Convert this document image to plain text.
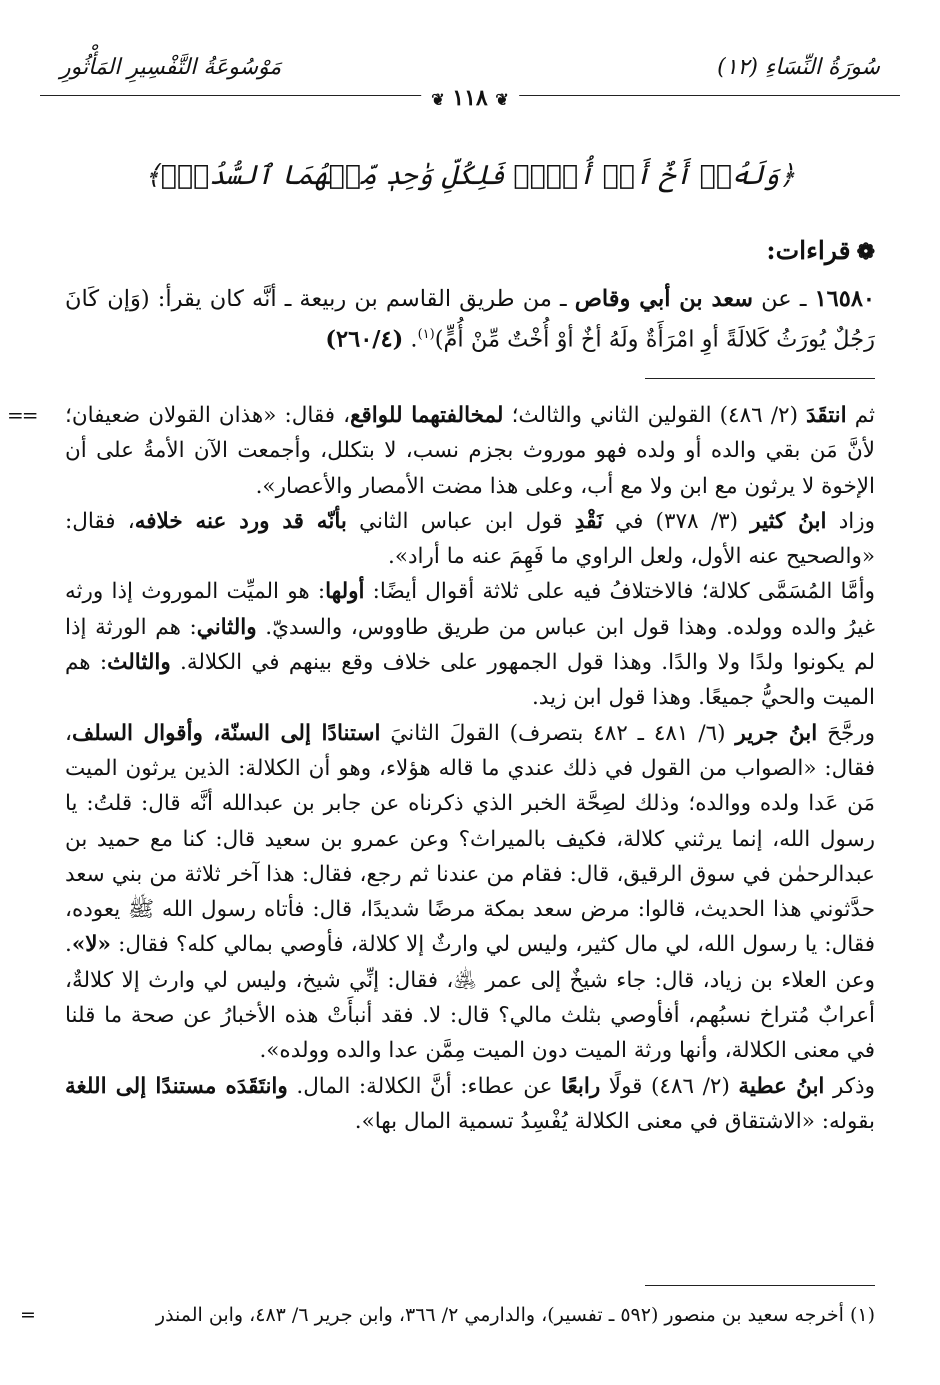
سُورَةُ النِّسَاءِ (١٢)
مَوْسُوعَةُ التَّفْسِيرِ المَأْثُورِ
❦ ١١٨ ❦
﴿وَلَهُۥٓ أَخٌ أَوۡ أُخۡتٞ فَلِكُلِّ وَٰحِدٖ مِّنۡهُمَا ٱلسُّدُسُۚ﴾
❁قراءات:
١٦٥٨٠ ـ عن سعد بن أبي وقاص ـ من طريق القاسم بن ربيعة ـ أنَّه كان يقرأ: (وَإن كَانَ رَجُلٌ يُورَثُ كَلالَةً أوِ امْرَأَةٌ ولَهُ أخٌ أوْ أُخْتٌ مِّنْ أُمٍّ)$^{(١)}$. (٢٦٠/٤)
==	ثم انتقَدَ (٢/ ٤٨٦) القولين الثاني والثالث؛ لمخالفتهما للواقع، فقال: «هذان القولان ضعيفان؛ لأنَّ مَن بقي والده أو ولده فهو موروث بجزم نسب، لا بتكلل، وأجمعت الآن الأمةُ على أن الإخوة لا يرثون مع ابن ولا مع أب، وعلى هذا مضت الأمصار والأعصار».

وزاد ابنُ كثير (٣/ ٣٧٨) في نَقْدِ قول ابن عباس الثاني بأنّه قد ورد عنه خلافه، فقال: «والصحيح عنه الأول، ولعل الراوي ما فَهِمَ عنه ما أراد».

وأمَّا المُسَمَّى كلالة؛ فالاختلافُ فيه على ثلاثة أقوال أيضًا: أولها: هو الميِّت الموروث إذا ورثه غيرُ والده وولده. وهذا قول ابن عباس من طريق طاووس، والسديّ. والثاني: هم الورثة إذا لم يكونوا ولدًا ولا والدًا. وهذا قول الجمهور على خلاف وقع بينهم في الكلالة. والثالث: هم الميت والحيُّ جميعًا. وهذا قول ابن زيد.

ورجَّحَ ابنُ جرير (٦/ ٤٨١ ـ ٤٨٢ بتصرف) القولَ الثانيَ استنادًا إلى السنّة، وأقوال السلف، فقال: «الصواب من القول في ذلك عندي ما قاله هؤلاء، وهو أن الكلالة: الذين يرثون الميت مَن عَدا ولده ووالده؛ وذلك لصِحَّة الخبر الذي ذكرناه عن جابر بن عبدالله أنَّه قال: قلتُ: يا رسول الله، إنما يرثني كلالة، فكيف بالميراث؟ وعن عمرو بن سعيد قال: كنا مع حميد بن عبدالرحمٰن في سوق الرقيق، قال: فقام من عندنا ثم رجع، فقال: هذا آخر ثلاثة من بني سعد حدَّثوني هذا الحديث، قالوا: مرض سعد بمكة مرضًا شديدًا، قال: فأتاه رسول الله ﷺ يعوده، فقال: يا رسول الله، لي مال كثير، وليس لي وارثٌ إلا كلالة، فأوصي بمالي كله؟ فقال: «لا». وعن العلاء بن زياد، قال: جاء شيخٌ إلى عمر ﵁، فقال: إنِّي شيخ، وليس لي وارث إلا كلالةٌ، أعرابٌ مُتراخ نسبُهم، أفأوصي بثلث مالي؟ قال: لا. فقد أنبأَتْ هذه الأخبارُ عن صحة ما قلنا في معنى الكلالة، وأنها ورثة الميت دون الميت مِمَّن عدا والده وولده».

وذكر ابنُ عطية (٢/ ٤٨٦) قولًا رابعًا عن عطاء: أنَّ الكلالة: المال. وانتَقَدَه مستندًا إلى اللغة بقوله: «الاشتقاق في معنى الكلالة يُفْسِدُ تسمية المال بها».

(١) أخرجه سعيد بن منصور (٥٩٢ ـ تفسير)، والدارمي ٢/ ٣٦٦، وابن جرير ٦/ ٤٨٣، وابن المنذر
=
